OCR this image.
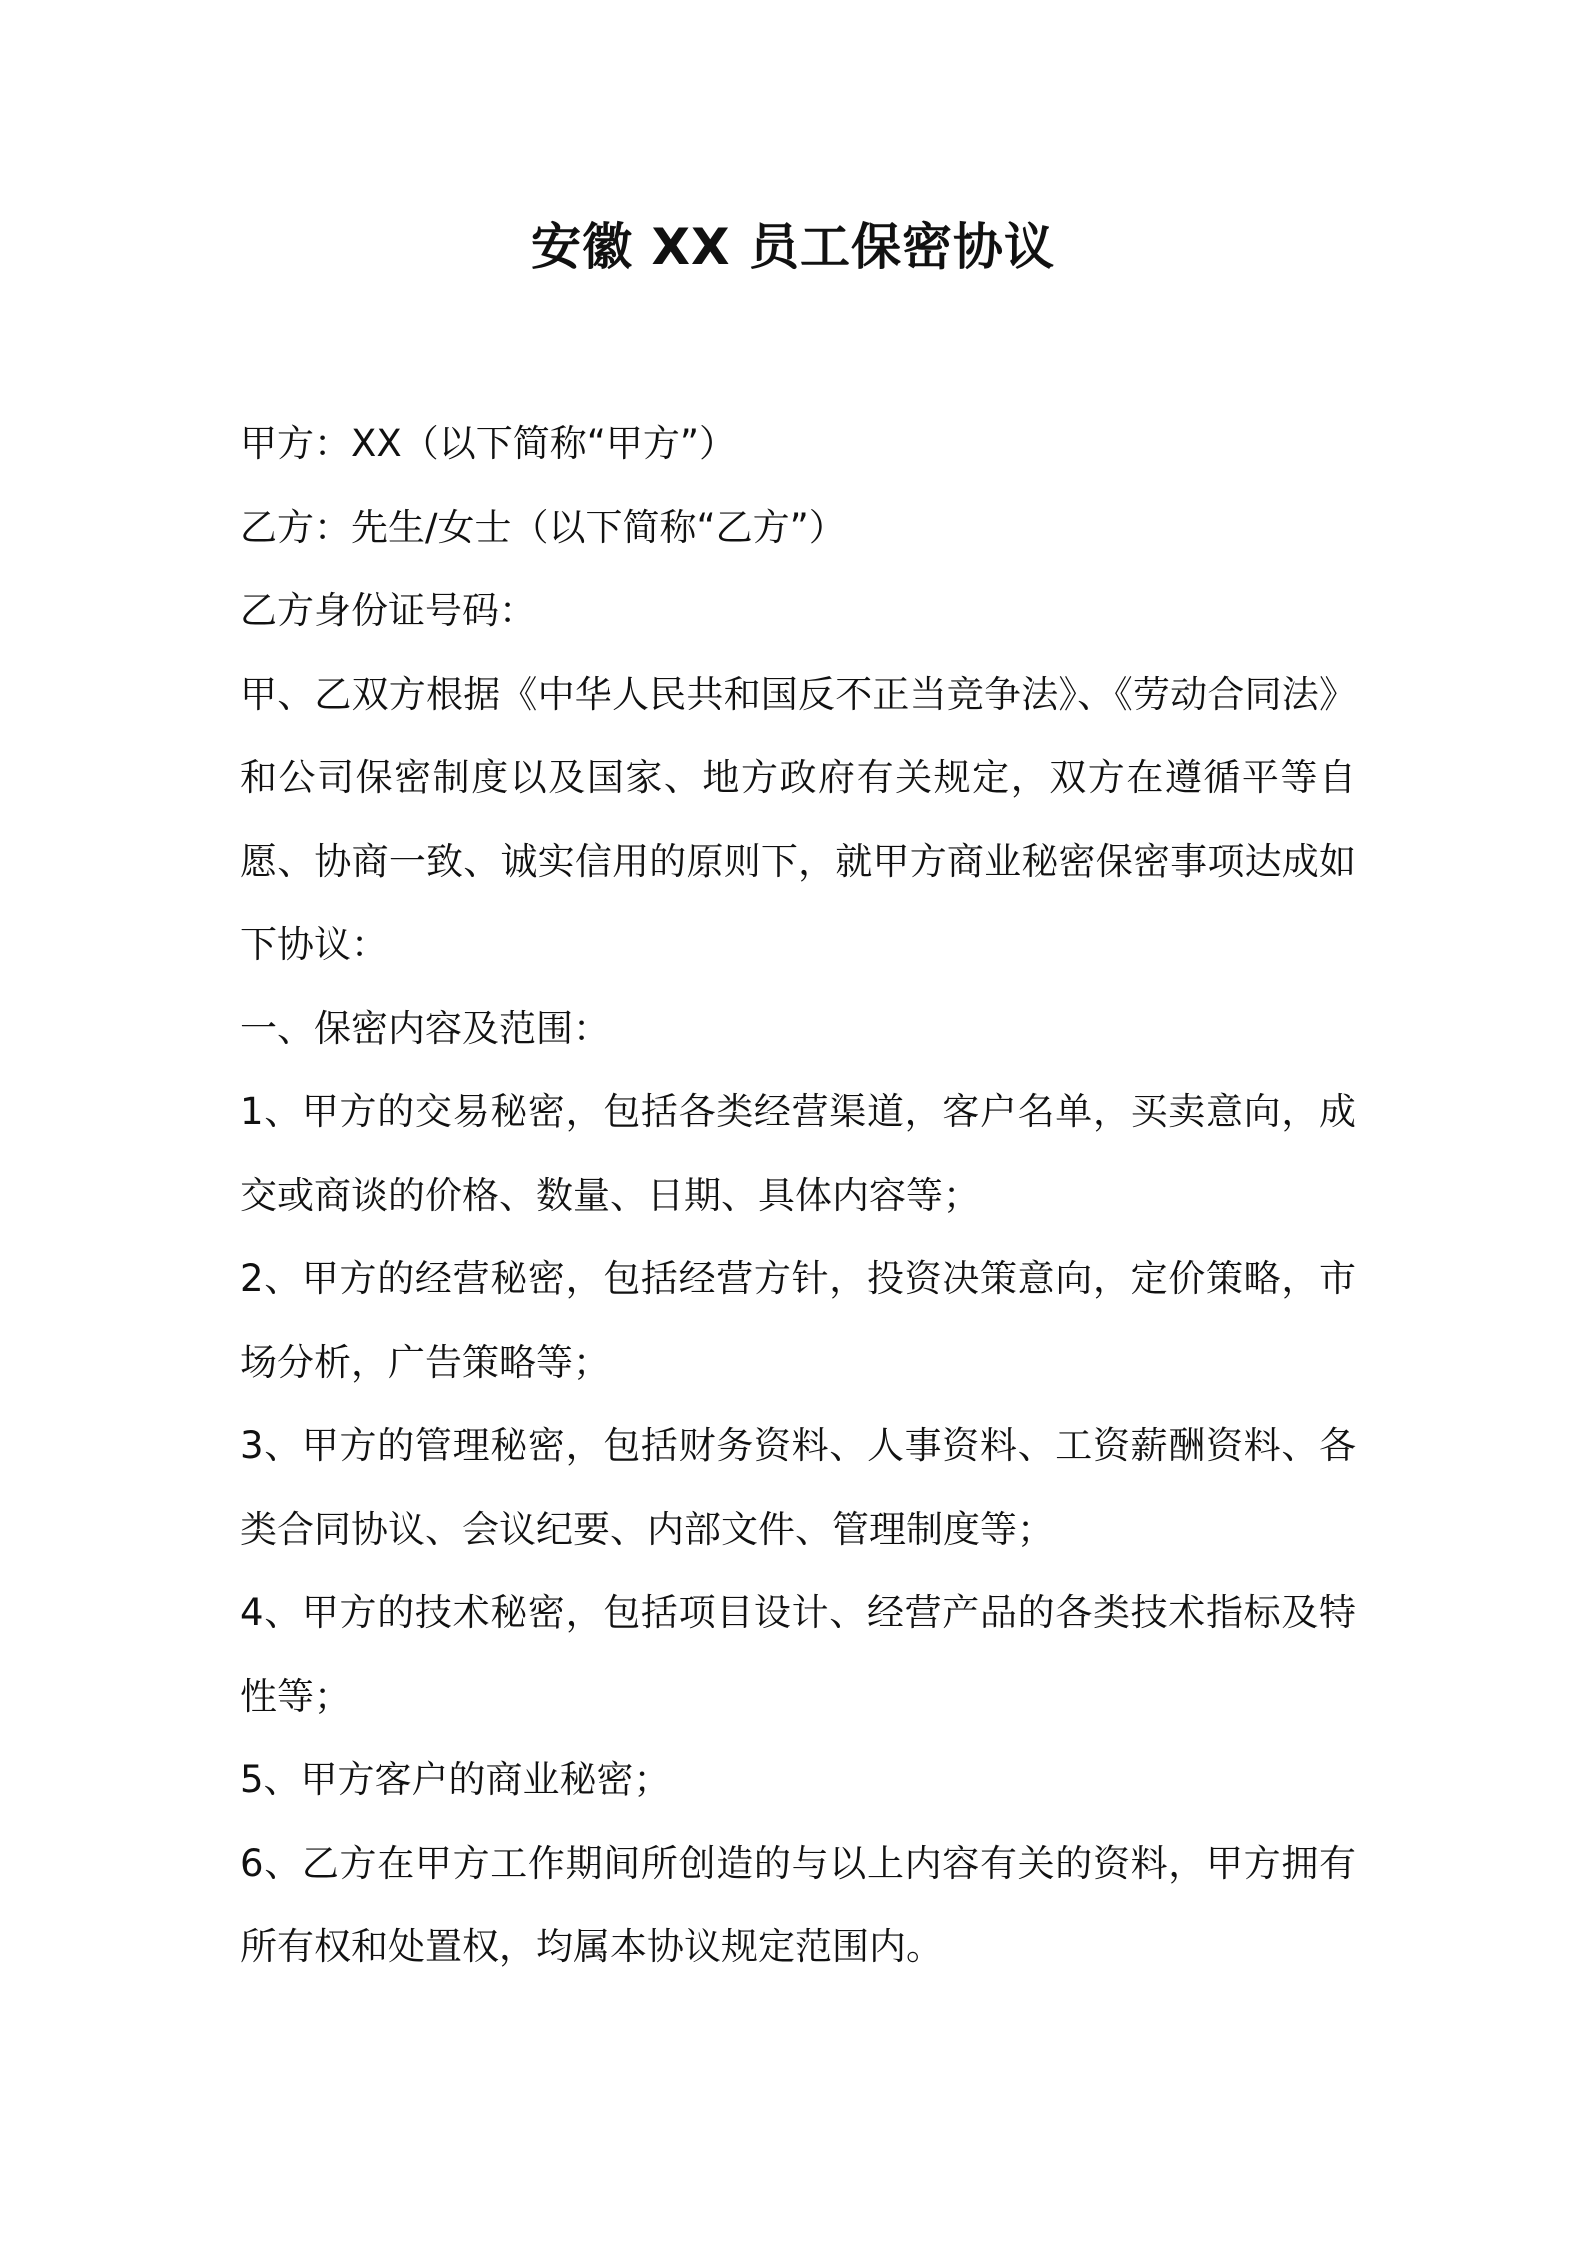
安徽 XX 员工保密协议

甲方：XX（以下简称“甲方”）

乙方：先生/女士（以下简称“乙方”）

乙方身份证号码：

甲、乙双方根据《中华人民共和国反不正当竞争法》、《劳动合同法》和公司保密制度以及国家、地方政府有关规定，双方在遵循平等自愿、协商一致、诚实信用的原则下，就甲方商业秘密保密事项达成如下协议：

一、保密内容及范围：

1、甲方的交易秘密，包括各类经营渠道，客户名单，买卖意向，成交或商谈的价格、数量、日期、具体内容等；

2、甲方的经营秘密，包括经营方针，投资决策意向，定价策略，市场分析，广告策略等；

3、甲方的管理秘密，包括财务资料、人事资料、工资薪酬资料、各类合同协议、会议纪要、内部文件、管理制度等；

4、甲方的技术秘密，包括项目设计、经营产品的各类技术指标及特性等；

5、甲方客户的商业秘密；

6、乙方在甲方工作期间所创造的与以上内容有关的资料，甲方拥有所有权和处置权，均属本协议规定范围内。
